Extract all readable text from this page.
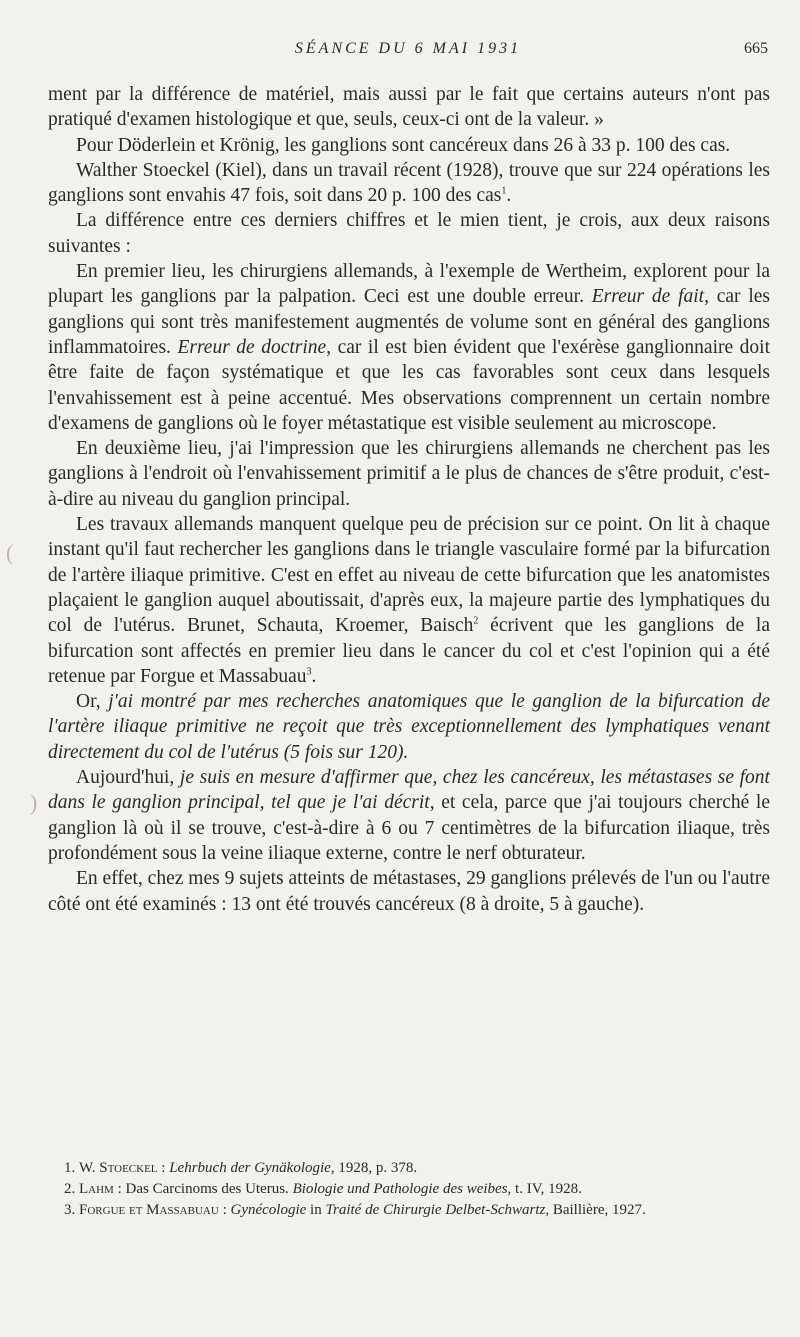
SÉANCE DU 6 MAI 1931	665
(
)

ment par la différence de matériel, mais aussi par le fait que certains auteurs n'ont pas pratiqué d'examen histologique et que, seuls, ceux-ci ont de la valeur. »

Pour Döderlein et Krönig, les ganglions sont cancéreux dans 26 à 33 p. 100 des cas.

Walther Stoeckel (Kiel), dans un travail récent (1928), trouve que sur 224 opérations les ganglions sont envahis 47 fois, soit dans 20 p. 100 des cas$^1$.

La différence entre ces derniers chiffres et le mien tient, je crois, aux deux raisons suivantes :

En premier lieu, les chirurgiens allemands, à l'exemple de Wertheim, explorent pour la plupart les ganglions par la palpation. Ceci est une double erreur. Erreur de fait, car les ganglions qui sont très manifestement augmentés de volume sont en général des ganglions inflammatoires. Erreur de doctrine, car il est bien évident que l'exérèse ganglionnaire doit être faite de façon systématique et que les cas favorables sont ceux dans lesquels l'envahissement est à peine accentué. Mes observations comprennent un certain nombre d'examens de ganglions où le foyer métastatique est visible seulement au microscope.

En deuxième lieu, j'ai l'impression que les chirurgiens allemands ne cherchent pas les ganglions à l'endroit où l'envahissement primitif a le plus de chances de s'être produit, c'est-à-dire au niveau du ganglion principal.

Les travaux allemands manquent quelque peu de précision sur ce point. On lit à chaque instant qu'il faut rechercher les ganglions dans le triangle vasculaire formé par la bifurcation de l'artère iliaque primitive. C'est en effet au niveau de cette bifurcation que les anatomistes plaçaient le ganglion auquel aboutissait, d'après eux, la majeure partie des lymphatiques du col de l'utérus. Brunet, Schauta, Kroemer, Baisch$^2$ écrivent que les ganglions de la bifurcation sont affectés en premier lieu dans le cancer du col et c'est l'opinion qui a été retenue par Forgue et Massabuau$^3$.

Or, j'ai montré par mes recherches anatomiques que le ganglion de la bifurcation de l'artère iliaque primitive ne reçoit que très exceptionnellement des lymphatiques venant directement du col de l'utérus (5 fois sur 120).

Aujourd'hui, je suis en mesure d'affirmer que, chez les cancéreux, les métastases se font dans le ganglion principal, tel que je l'ai décrit, et cela, parce que j'ai toujours cherché le ganglion là où il se trouve, c'est-à-dire à 6 ou 7 centimètres de la bifurcation iliaque, très profondément sous la veine iliaque externe, contre le nerf obturateur.

En effet, chez mes 9 sujets atteints de métastases, 29 ganglions prélevés de l'un ou l'autre côté ont été examinés : 13 ont été trouvés cancéreux (8 à droite, 5 à gauche).

1. W. Stoeckel : Lehrbuch der Gynäkologie, 1928, p. 378.

2. Lahm : Das Carcinoms des Uterus. Biologie und Pathologie des weibes, t. IV, 1928.

3. Forgue et Massabuau : Gynécologie in Traité de Chirurgie Delbet-Schwartz, Baillière, 1927.
